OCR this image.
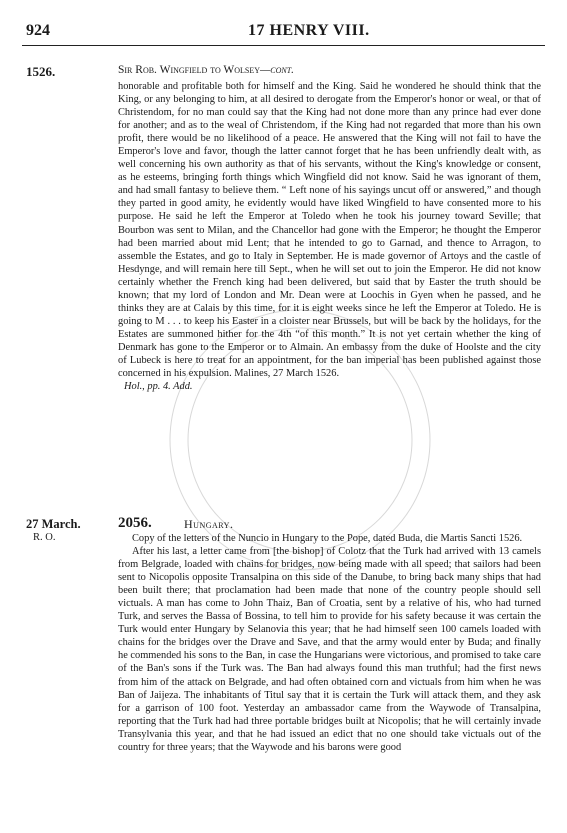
924	17 HENRY VIII.
1526.	Sir Rob. Wingfield to Wolsey—cont.
honorable and profitable both for himself and the King. Said he wondered he should think that the King, or any belonging to him, at all desired to derogate from the Emperor's honor or weal, or that of Christendom, for no man could say that the King had not done more than any prince had ever done for another; and as to the weal of Christendom, if the King had not regarded that more than his own profit, there would be no likelihood of a peace. He answered that the King will not fail to have the Emperor's love and favor, though the latter cannot forget that he has been unfriendly dealt with, as well concerning his own authority as that of his servants, without the King's knowledge or consent, as he esteems, bringing forth things which Wingfield did not know. Said he was ignorant of them, and had small fantasy to believe them. “ Left none of his sayings uncut off or answered,” and though they parted in good amity, he evidently would have liked Wingfield to have consented more to his purpose. He said he left the Emperor at Toledo when he took his journey toward Seville; that Bourbon was sent to Milan, and the Chancellor had gone with the Emperor; he thought the Emperor had been married about mid Lent; that he intended to go to Garnad, and thence to Arragon, to assemble the Estates, and go to Italy in September. He is made governor of Artoys and the castle of Hesdynge, and will remain here till Sept., when he will set out to join the Emperor. He did not know certainly whether the French king had been delivered, but said that by Easter the truth should be known; that my lord of London and Mr. Dean were at Loochis in Gyen when he passed, and he thinks they are at Calais by this time, for it is eight weeks since he left the Emperor at Toledo. He is going to M . . . to keep his Easter in a cloister near Brussels, but will be back by the holidays, for the Estates are summoned hither for the 4th “of this month.” It is not yet certain whether the king of Denmark has gone to the Emperor or to Almain. An embassy from the duke of Hoolste and the city of Lubeck is here to treat for an appointment, for the ban imperial has been published against those concerned in his expulsion. Malines, 27 March 1526.
Hol., pp. 4. Add.
27 March.
R. O.
2056.	Hungary.

Copy of the letters of the Nuncio in Hungary to the Pope, dated Buda, die Martis Sancti 1526.

After his last, a letter came from [the bishop] of Colotz that the Turk had arrived with 13 camels from Belgrade, loaded with chains for bridges, now being made with all speed; that sailors had been sent to Nicopolis opposite Transalpina on this side of the Danube, to bring back many ships that had been built there; that proclamation had been made that none of the country people should sell victuals. A man has come to John Thaiz, Ban of Croatia, sent by a relative of his, who had turned Turk, and serves the Bassa of Bossina, to tell him to provide for his safety because it was certain the Turk would enter Hungary by Selanovia this year; that he had himself seen 100 camels loaded with chains for the bridges over the Drave and Save, and that the army would enter by Buda; and finally he commended his sons to the Ban, in case the Hungarians were victorious, and promised to take care of the Ban's sons if the Turk was. The Ban had always found this man truthful; had the first news from him of the attack on Belgrade, and had often obtained corn and victuals from him when he was Ban of Jaijeza. The inhabitants of Titul say that it is certain the Turk will attack them, and they ask for a garrison of 100 foot. Yesterday an ambassador came from the Waywode of Transalpina, reporting that the Turk had had three portable bridges built at Nicopolis; that he will certainly invade Transylvania this year, and that he had issued an edict that no one should take victuals out of the country for three years; that the Waywode and his barons were good
